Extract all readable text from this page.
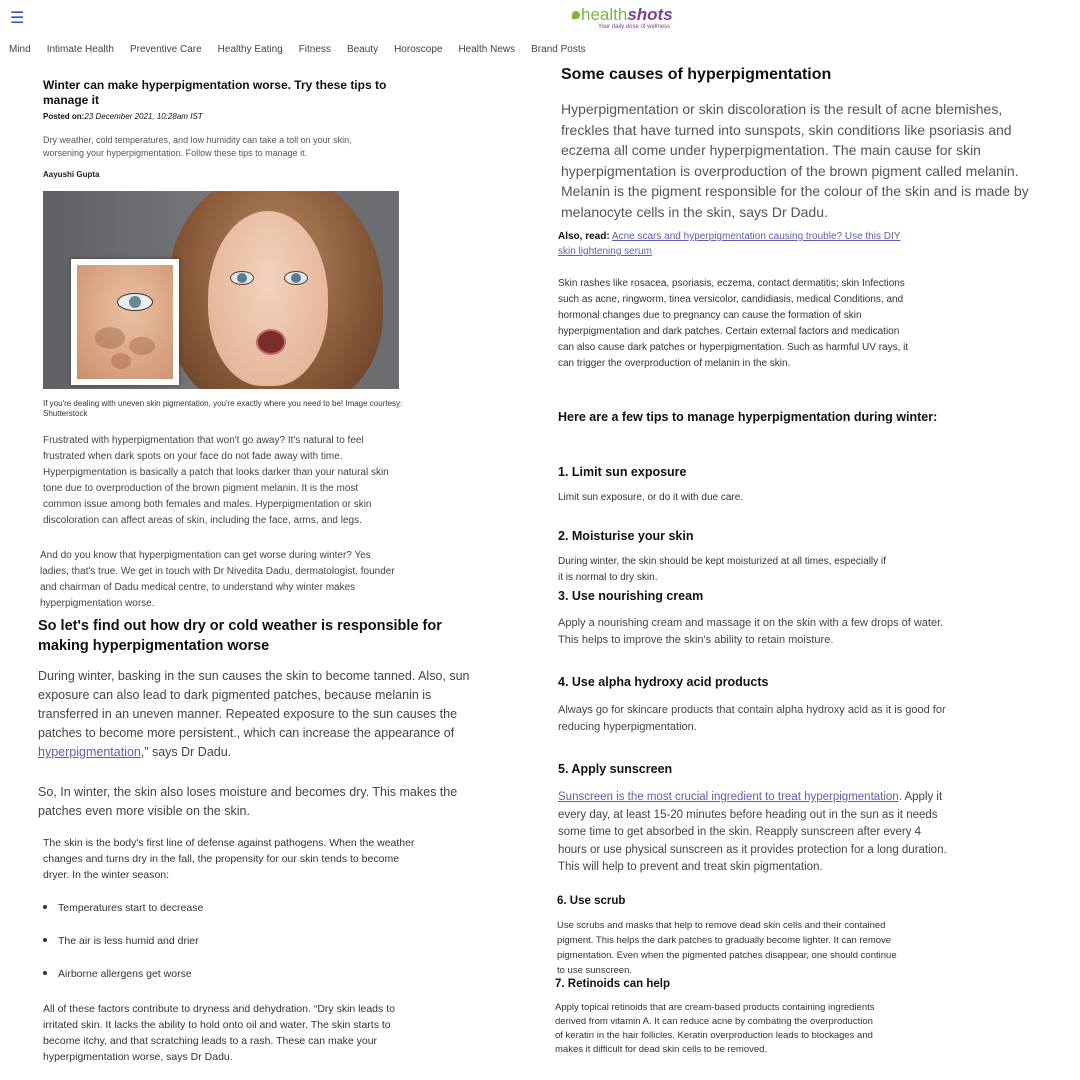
☰	healthshots
Your daily dose of wellness
Mind Intimate Health Preventive Care Healthy Eating Fitness Beauty Horoscope Health News Brand Posts
Winter can make hyperpigmentation worse. Try these tips to manage it
Posted on:23 December 2021, 10:28am IST
Dry weather, cold temperatures, and low humidity can take a toll on your skin, worsening your hyperpigmentation. Follow these tips to manage it.
Aayushi Gupta
If you're dealing with uneven skin pigmentation, you're exactly where you need to be! Image courtesy: Shutterstock
Frustrated with hyperpigmentation that won't go away? It's natural to feel frustrated when dark spots on your face do not fade away with time. Hyperpigmentation is basically a patch that looks darker than your natural skin tone due to overproduction of the brown pigment melanin. It is the most common issue among both females and males. Hyperpigmentation or skin discoloration can affect areas of skin, including the face, arms, and legs.
And do you know that hyperpigmentation can get worse during winter? Yes ladies, that's true. We get in touch with Dr Nivedita Dadu, dermatologist, founder and chairman of Dadu medical centre, to understand why winter makes hyperpigmentation worse.
So let's find out how dry or cold weather is responsible for making hyperpigmentation worse
During winter, basking in the sun causes the skin to become tanned. Also, sun exposure can also lead to dark pigmented patches, because melanin is transferred in an uneven manner. Repeated exposure to the sun causes the patches to become more persistent., which can increase the appearance of hyperpigmentation,” says Dr Dadu.
So, In winter, the skin also loses moisture and becomes dry. This makes the patches even more visible on the skin.
The skin is the body's first line of defense against pathogens. When the weather changes and turns dry in the fall, the propensity for our skin tends to become dryer. In the winter season:
Temperatures start to decrease
The air is less humid and drier
Airborne allergens get worse
All of these factors contribute to dryness and dehydration. “Dry skin leads to irritated skin. It lacks the ability to hold onto oil and water. The skin starts to become itchy, and that scratching leads to a rash. These can make your hyperpigmentation worse, says Dr Dadu.
Some causes of hyperpigmentation
Hyperpigmentation or skin discoloration is the result of acne blemishes, freckles that have turned into sunspots, skin conditions like psoriasis and eczema all come under hyperpigmentation. The main cause for skin hyperpigmentation is overproduction of the brown pigment called melanin. Melanin is the pigment responsible for the colour of the skin and is made by melanocyte cells in the skin, says Dr Dadu.
Also, read: Acne scars and hyperpigmentation causing trouble? Use this DIY skin lightening serum
Skin rashes like rosacea, psoriasis, eczema, contact dermatitis; skin Infections such as acne, ringworm, tinea versicolor, candidiasis, medical Conditions, and hormonal changes due to pregnancy can cause the formation of skin hyperpigmentation and dark patches. Certain external factors and medication can also cause dark patches or hyperpigmentation. Such as harmful UV rays, it can trigger the overproduction of melanin in the skin.
Here are a few tips to manage hyperpigmentation during winter:
1. Limit sun exposure
Limit sun exposure, or do it with due care.
2. Moisturise your skin
During winter, the skin should be kept moisturized at all times, especially if it is normal to dry skin.
3. Use nourishing cream
Apply a nourishing cream and massage it on the skin with a few drops of water. This helps to improve the skin's ability to retain moisture.
4. Use alpha hydroxy acid products
Always go for skincare products that contain alpha hydroxy acid as it is good for reducing hyperpigmentation.
5. Apply sunscreen
Sunscreen is the most crucial ingredient to treat hyperpigmentation. Apply it every day, at least 15-20 minutes before heading out in the sun as it needs some time to get absorbed in the skin. Reapply sunscreen after every 4 hours or use physical sunscreen as it provides protection for a long duration. This will help to prevent and treat skin pigmentation.
6. Use scrub
Use scrubs and masks that help to remove dead skin cells and their contained pigment. This helps the dark patches to gradually become lighter. It can remove pigmentation. Even when the pigmented patches disappear, one should continue to use sunscreen.
7. Retinoids can help
Apply topical retinoids that are cream-based products containing ingredients derived from vitamin A. It can reduce acne by combating the overproduction of keratin in the hair follicles. Keratin overproduction leads to blockages and makes it difficult for dead skin cells to be removed.
